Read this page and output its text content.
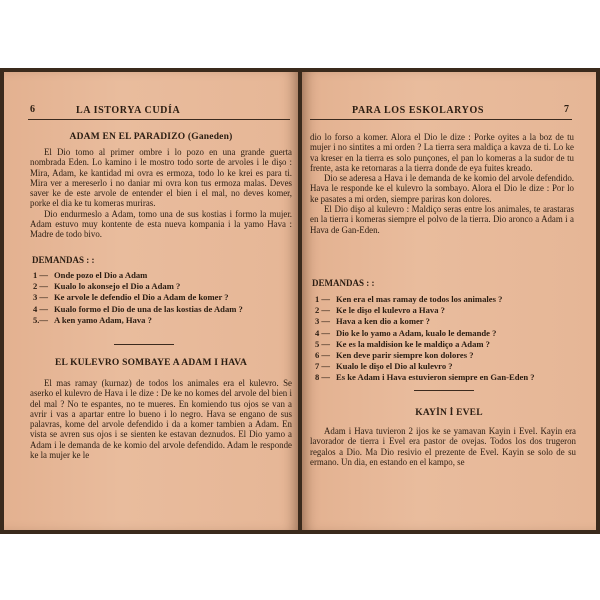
6	LA ISTORYA CUDÍA
ADAM EN EL PARADIZO (Ganeden)

El Dio tomo al primer ombre i lo pozo en una grande guerta nombrada Eden. Lo kamino i le mostro todo sorte de arvoles i le dişo : Mira, Adam, ke kantidad mi ovra es ermoza, todo lo ke krei es para ti. Mira ver a mereserlo i no daniar mi ovra kon tus ermoza malas. Deves saver ke de este arvole de entender el bien i el mal, no deves komer, porke el dia ke tu komeras muriras.

Dio endurmeslo a Adam, tomo una de sus kostias i formo la mujer. Adam estuvo muy kontente de esta nueva kompania i la yamo Hava : Madre de todo bivo.

DEMANDAS : :
1 — Onde pozo el Dio a Adam
2 — Kualo lo akonsejo el Dio a Adam ?
3 — Ke arvole le defendio el Dio a Adam de komer ?
4 — Kualo formo el Dio de una de las kostias de Adam ?
5.— A ken yamo Adam, Hava ?
EL KULEVRO SOMBAYE A ADAM I HAVA

El mas ramay (kurnaz) de todos los animales era el kulevro. Se aserko el kulevro de Hava i le dize : De ke no komes del arvole del bien i del mal ? No te espantes, no te mueres. En komiendo tus ojos se van a avrir i vas a apartar entre lo bueno i lo negro. Hava se engano de sus palavras, kome del arvole defendido i da a komer tambien a Adam. En vista se avren sus ojos i se sienten ke estavan deznudos. El Dio yamo a Adam i le demanda de ke komio del arvole defendido. Adam le responde ke la mujer ke le

PARA LOS ESKOLARYOS	7

dio lo forso a komer. Alora el Dio le dize : Porke oyites a la boz de tu mujer i no sintites a mi orden ? La tierra sera maldiça a kavza de ti. Lo ke va kreser en la tierra es solo punçones, el pan lo komeras a la sudor de tu frente, asta ke retornaras a la tierra donde de eya fuites kreado.

Dio se aderesa a Hava i le demanda de ke komio del arvole defendido. Hava le responde ke el kulevro la sombayo. Alora el Dio le dize : Por lo ke pasates a mi orden, siempre pariras kon dolores.

El Dio dişo al kulevro : Maldiço seras entre los animales, te arastaras en la tierra i komeras siempre el polvo de la tierra. Dio aronco a Adam i a Hava de Gan-Eden.

DEMANDAS : :
1 — Ken era el mas ramay de todos los animales ?
2 — Ke le dişo el kulevro a Hava ?
3 — Hava a ken dio a komer ?
4 — Dio ke lo yamo a Adam, kualo le demande ?
5 — Ke es la maldision ke le maldiço a Adam ?
6 — Ken deve parir siempre kon dolores ?
7 — Kualo le dişo el Dio al kulevro ?
8 — Es ke Adam i Hava estuvieron siempre en Gan-Eden ?
KAYİN İ EVEL

Adam i Hava tuvieron 2 ijos ke se yamavan Kayin i Evel. Kayin era lavorador de tierra i Evel era pastor de ovejas. Todos los dos trugeron regalos a Dio. Ma Dio resivio el prezente de Evel. Kayin se solo de su ermano. Un dia, en estando en el kampo, se
